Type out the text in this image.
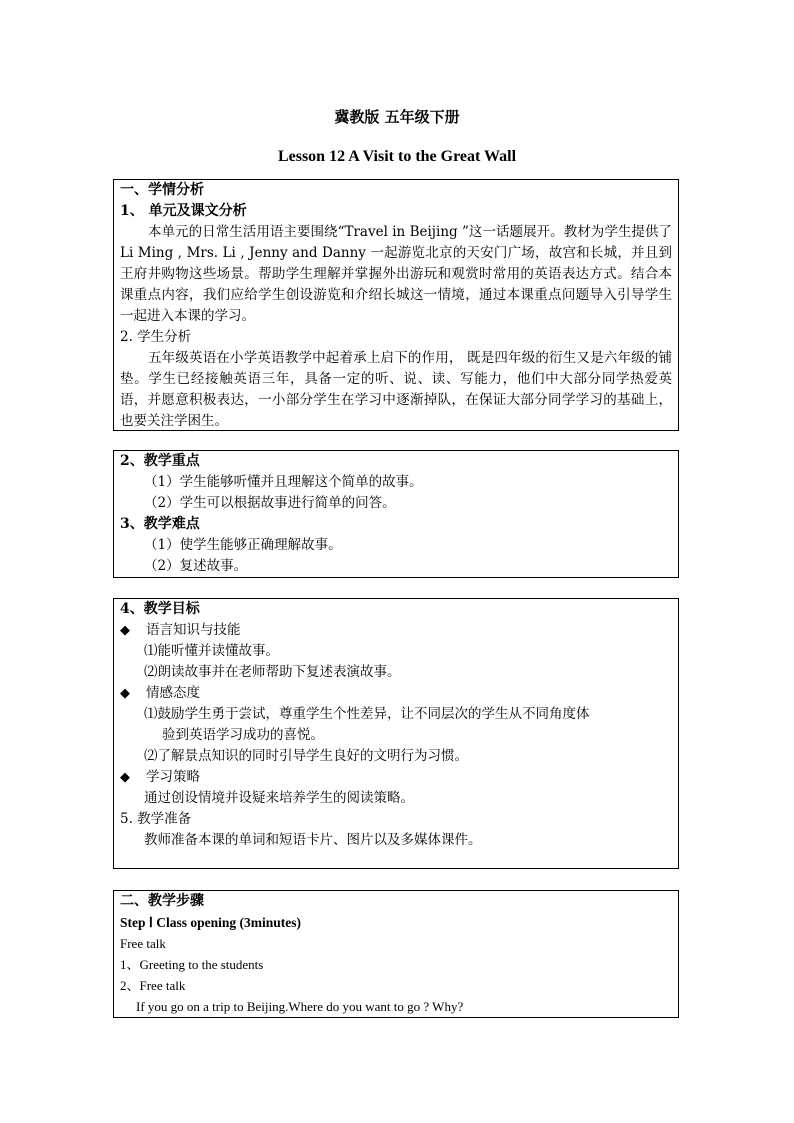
冀教版 五年级下册
Lesson 12 A Visit to the Great Wall
一、学情分析
1、 单元及课文分析
本单元的日常生活用语主要围绕“Travel in Beijing ”这一话题展开。教材为学生提供了 Li Ming , Mrs. Li , Jenny and Danny 一起游览北京的天安门广场，故宫和长城，并且到王府井购物这些场景。帮助学生理解并掌握外出游玩和观赏时常用的英语表达方式。结合本课重点内容，我们应给学生创设游览和介绍长城这一情境，通过本课重点问题导入引导学生一起进入本课的学习。
2. 学生分析
五年级英语在小学英语教学中起着承上启下的作用， 既是四年级的衍生又是六年级的铺垫。学生已经接触英语三年，具备一定的听、说、读、写能力，他们中大部分同学热爱英语，并愿意积极表达，一小部分学生在学习中逐渐掉队，在保证大部分同学学习的基础上，也要关注学困生。
2、教学重点
（1）学生能够听懂并且理解这个简单的故事。
（2）学生可以根据故事进行简单的问答。
3、教学难点
（1）使学生能够正确理解故事。
（2）复述故事。
4、教学目标
◆	语言知识与技能
⑴能听懂并读懂故事。
⑵朗读故事并在老师帮助下复述表演故事。
◆	情感态度
⑴鼓励学生勇于尝试，尊重学生个性差异，让不同层次的学生从不同角度体
验到英语学习成功的喜悦。
⑵了解景点知识的同时引导学生良好的文明行为习惯。
◆	学习策略
通过创设情境并设疑来培养学生的阅读策略。
5. 教学准备
教师准备本课的单词和短语卡片、图片以及多媒体课件。
二、教学步骤
Step Ⅰ Class opening (3minutes)
Free talk
1、Greeting to the students
2、Free talk
If you go on a trip to Beijing.Where do you want to go ? Why?
